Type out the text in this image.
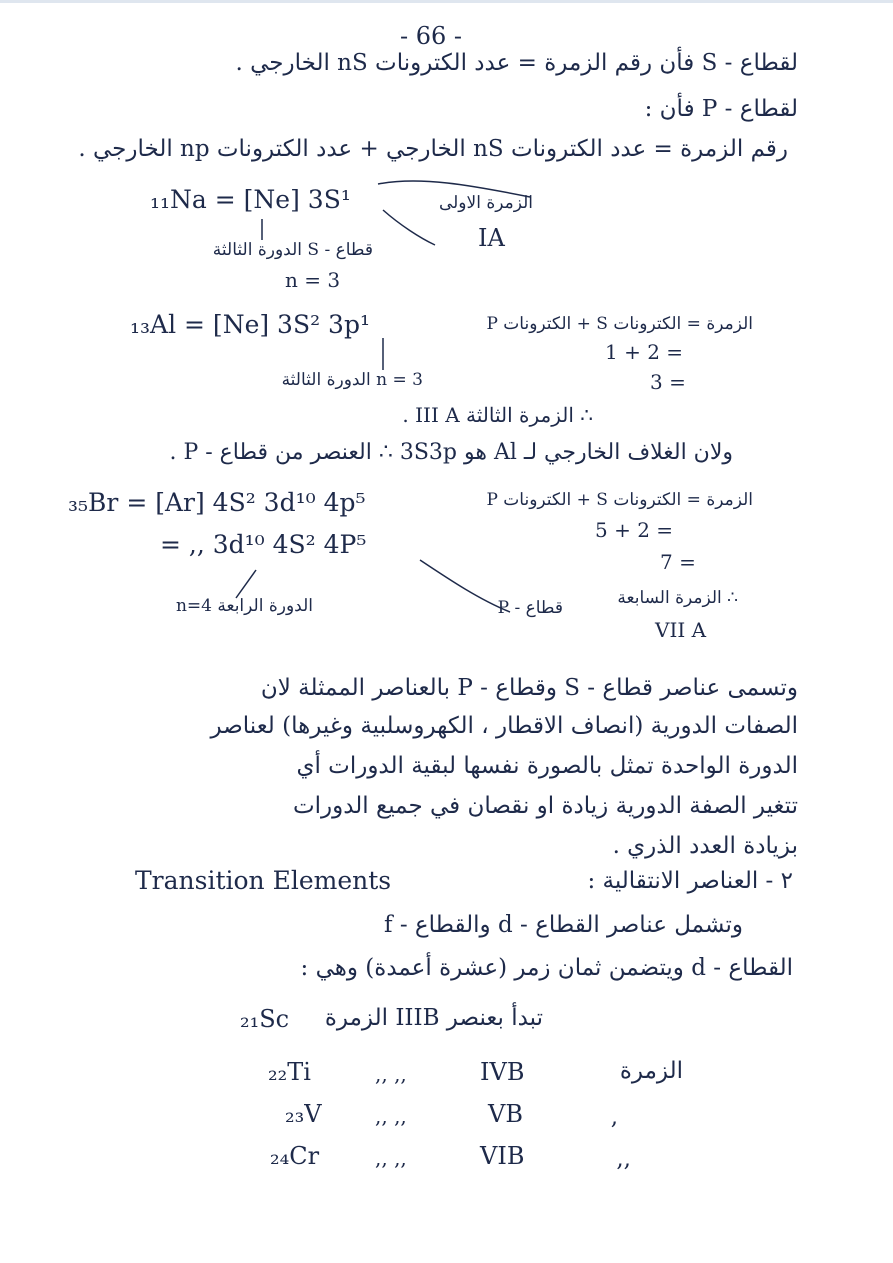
- 66 -
لقطاع - S فأن رقم الزمرة = عدد الكترونات nS الخارجي .
لقطاع - P فأن :
رقم الزمرة = عدد الكترونات nS الخارجي + عدد الكترونات np الخارجي .
₁₁Na = [Ne] 3S¹	الزمرة الاولى
IA
قطاع - S الدورة الثالثة
n = 3
₁₃Al = [Ne] 3S² 3p¹	الزمرة = الكترونات S + الكترونات P
1 + 2 =
3 =
n = 3 الدورة الثالثة
∴ الزمرة الثالثة III A .
ولان الغلاف الخارجي لـ Al هو 3S3p ∴ العنصر من قطاع - P .
₃₅Br = [Ar] 4S² 3d¹⁰ 4p⁵	الزمرة = الكترونات S + الكترونات P
= ,, 3d¹⁰ 4S² 4P⁵	5 + 2 =
7 =
الدورة الرابعة n=4	قطاع - P	∴ الزمرة السابعة
VII A
وتسمى عناصر قطاع - S وقطاع - P بالعناصر الممثلة لان
الصفات الدورية (انصاف الاقطار ، الكهروسلبية وغيرها) لعناصر
الدورة الواحدة تمثل بالصورة نفسها لبقية الدورات أي
تتغير الصفة الدورية زيادة او نقصان في جميع الدورات
بزيادة العدد الذري .
Transition Elements	٢ - العناصر الانتقالية :
وتشمل عناصر القطاع - d والقطاع - f
القطاع - d ويتضمن ثمان زمر (عشرة أعمدة) وهي :
₂₁Sc تبدأ بعنصر IIIB الزمرة
₂₂Ti	,, ,,	IVB	الزمرة
₂₃V	,, ,,	VB	,
₂₄Cr	,, ,,	VIB	,,
